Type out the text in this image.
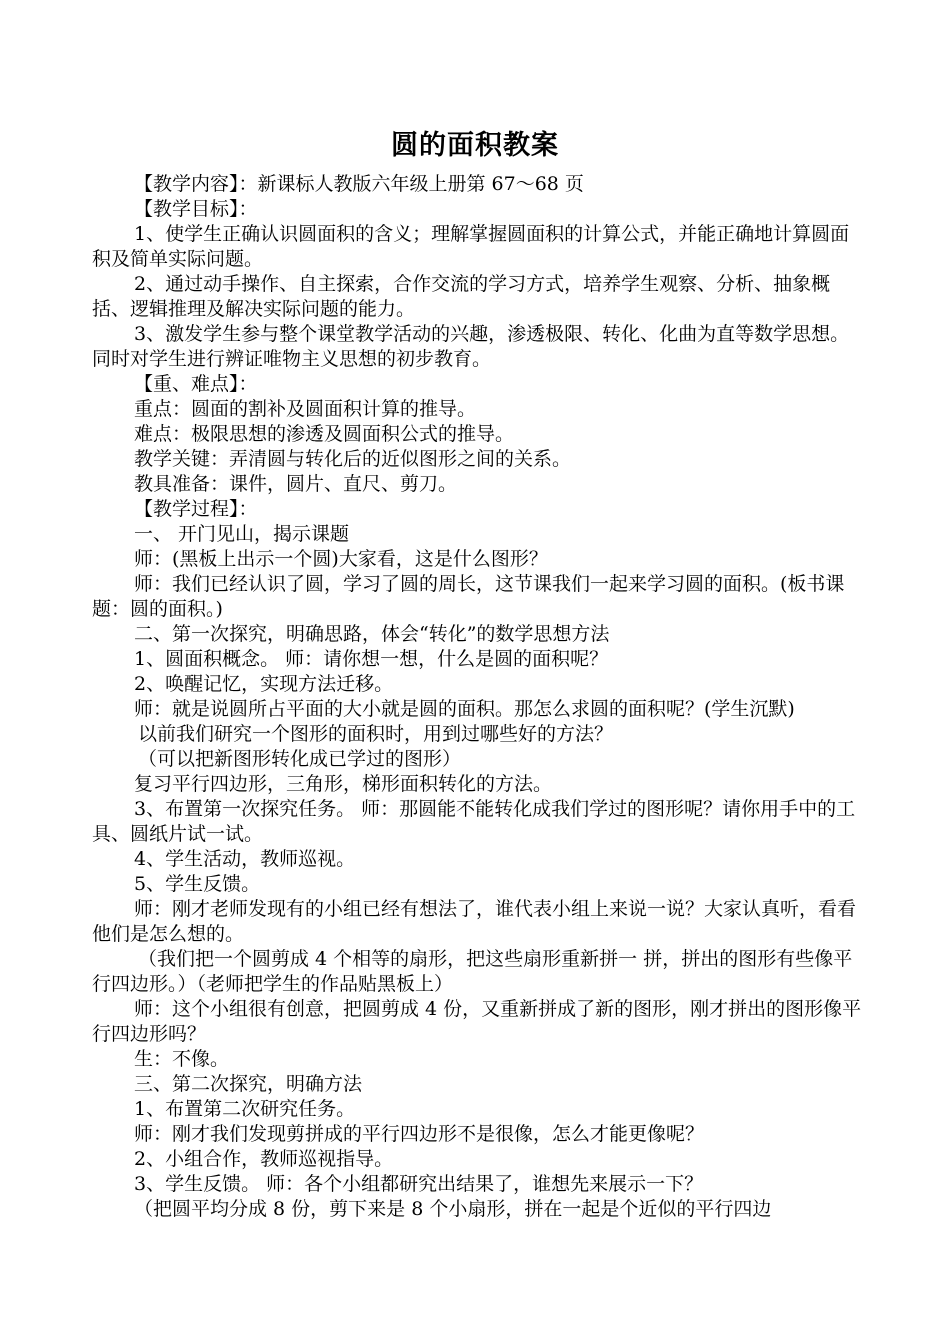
圆的面积教案

【教学内容】：新课标人教版六年级上册第 67～68 页

【教学目标】：

1、使学生正确认识圆面积的含义；理解掌握圆面积的计算公式，并能正确地计算圆面积及简单实际问题。

2、通过动手操作、自主探索，合作交流的学习方式，培养学生观察、分析、抽象概括、逻辑推理及解决实际问题的能力。

3、激发学生参与整个课堂教学活动的兴趣，渗透极限、转化、化曲为直等数学思想。同时对学生进行辨证唯物主义思想的初步教育。

【重、难点】：

重点：圆面的割补及圆面积计算的推导。

难点：极限思想的渗透及圆面积公式的推导。

教学关键：弄清圆与转化后的近似图形之间的关系。

教具准备：课件，圆片、直尺、剪刀。

【教学过程】：

一、 开门见山，揭示课题

师：(黑板上出示一个圆)大家看，这是什么图形？

师：我们已经认识了圆，学习了圆的周长，这节课我们一起来学习圆的面积。(板书课题：圆的面积。)

二、第一次探究，明确思路，体会“转化”的数学思想方法

1、圆面积概念。 师：请你想一想，什么是圆的面积呢？

2、唤醒记忆，实现方法迁移。

师：就是说圆所占平面的大小就是圆的面积。那怎么求圆的面积呢？(学生沉默)

以前我们研究一个图形的面积时，用到过哪些好的方法？

（可以把新图形转化成已学过的图形）

复习平行四边形，三角形，梯形面积转化的方法。

3、布置第一次探究任务。 师：那圆能不能转化成我们学过的图形呢？请你用手中的工具、圆纸片试一试。

4、学生活动，教师巡视。

5、学生反馈。

师：刚才老师发现有的小组已经有想法了，谁代表小组上来说一说？大家认真听，看看他们是怎么想的。

（我们把一个圆剪成 4 个相等的扇形，把这些扇形重新拼一 拼，拼出的图形有些像平行四边形。）（老师把学生的作品贴黑板上）

师：这个小组很有创意，把圆剪成 4 份，又重新拼成了新的图形，刚才拼出的图形像平行四边形吗？

生：不像。

三、第二次探究，明确方法

1、布置第二次研究任务。

师：刚才我们发现剪拼成的平行四边形不是很像，怎么才能更像呢？

2、小组合作，教师巡视指导。

3、学生反馈。 师：各个小组都研究出结果了，谁想先来展示一下？

（把圆平均分成 8 份，剪下来是 8 个小扇形，拼在一起是个近似的平行四边
